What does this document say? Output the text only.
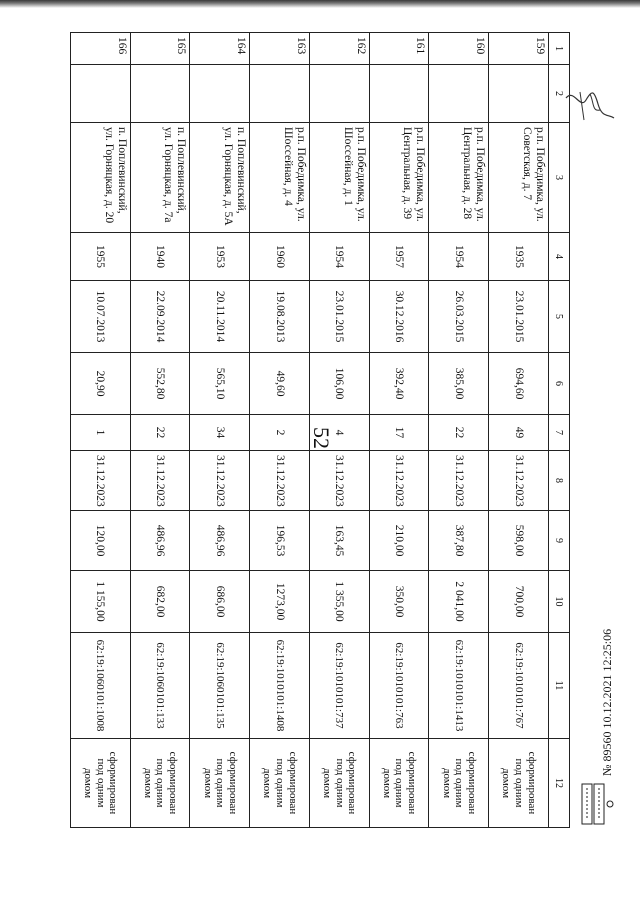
52
1	2	3	4	5	6	7	8	9	10	11	12
159		р.п. Победимка, ул. Советская, д. 7	1935	23.01.2015	694,60	49	31.12.2023	598,00	700,00	62:19:1010101:767	сформирован под одним домом
160		р.п. Победимка, ул. Центральная, д. 28	1954	26.03.2015	385,00	22	31.12.2023	387,80	2 041,00	62:19:1010101:1413	сформирован под одним домом
161		р.п. Победимка, ул. Центральная, д. 39	1957	30.12.2016	392,40	17	31.12.2023	210,00	350,00	62:19:1010101:763	сформирован под одним домом
162		р.п. Победимка, ул. Шоссейная, д. 1	1954	23.01.2015	106,00	4	31.12.2023	163,45	1 355,00	62:19:1010101:737	сформирован под одним домом
163		р.п. Победимка, ул. Шоссейная, д. 4	1960	19.08.2013	49,60	2	31.12.2023	196,53	1273,00	62:19:1010101:1408	сформирован под одним домом
164		п. Поплевинский, ул. Горняцкая, д. 5А	1953	20.11.2014	565,10	34	31.12.2023	486,96	686,00	62:19:1060101:135	сформирован под одним домом
165		п. Поплевинский, ул. Горняцкая, д. 7а	1940	22.09.2014	552,80	22	31.12.2023	486,96	682,00	62:19:1060101:133	сформирован под одним домом
166		п. Поплевинский, ул. Горняцкая, д. 20	1955	10.07.2013	20,90	1	31.12.2023	120,00	1 155,00	62:19:1060101:1008	сформирован под одним домом
№ 89560 10.12.2021 12:25:06
